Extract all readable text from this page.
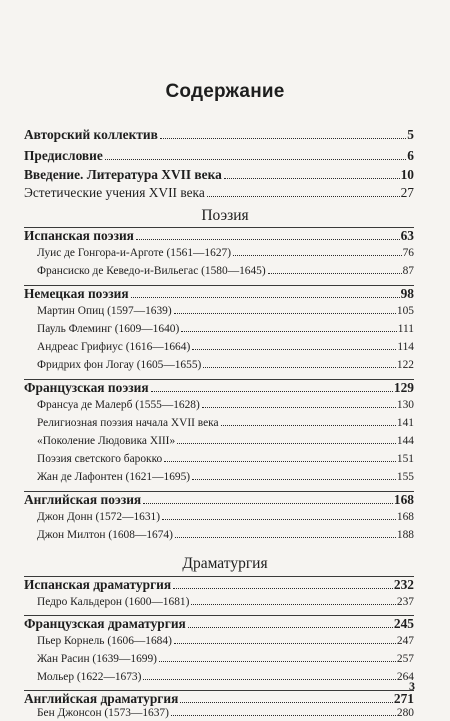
Содержание
Авторский коллектив	5
Предисловие	6
Введение. Литература XVII века	10
Эстетические учения XVII века	27
Поэзия
Испанская поэзия	63
Луис де Гонгора-и-Арготе (1561—1627)	76
Франсиско де Кеведо-и-Вильегас (1580—1645)	87
Немецкая поэзия	98
Мартин Опиц (1597—1639)	105
Пауль Флеминг (1609—1640)	111
Андреас Грифиус (1616—1664)	114
Фридрих фон Логау (1605—1655)	122
Французская поэзия	129
Франсуа де Малерб (1555—1628)	130
Религиозная поэзия начала XVII века	141
«Поколение Людовика XIII»	144
Поэзия светского барокко	151
Жан де Лафонтен (1621—1695)	155
Английская поэзия	168
Джон Донн (1572—1631)	168
Джон Милтон (1608—1674)	188
Драматургия
Испанская драматургия	232
Педро Кальдерон (1600—1681)	237
Французская драматургия	245
Пьер Корнель (1606—1684)	247
Жан Расин (1639—1699)	257
Мольер (1622—1673)	264
Английская драматургия	271
Бен Джонсон (1573—1637)	280
3
